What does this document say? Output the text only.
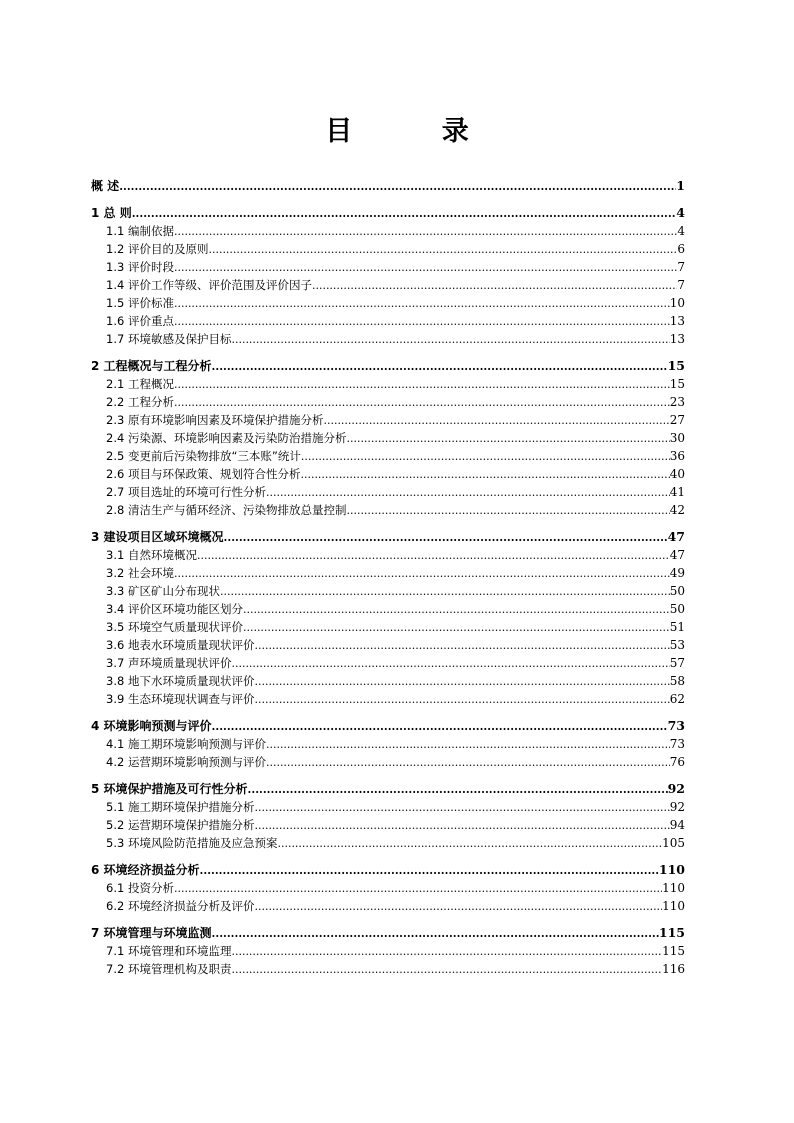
目 录
概 述 .....	1
1 总 则 .....	4
1.1 编制依据 .....	4
1.2 评价目的及原则 .....	6
1.3 评价时段 .....	7
1.4 评价工作等级、评价范围及评价因子 .....	7
1.5 评价标准 .....	10
1.6 评价重点 .....	13
1.7 环境敏感及保护目标 .....	13
2 工程概况与工程分析 .....	15
2.1 工程概况 .....	15
2.2 工程分析 .....	23
2.3 原有环境影响因素及环境保护措施分析 .....	27
2.4 污染源、环境影响因素及污染防治措施分析 .....	30
2.5 变更前后污染物排放“三本账”统计 .....	36
2.6 项目与环保政策、规划符合性分析 .....	40
2.7 项目选址的环境可行性分析 .....	41
2.8 清洁生产与循环经济、污染物排放总量控制 .....	42
3 建设项目区域环境概况 .....	47
3.1 自然环境概况 .....	47
3.2 社会环境 .....	49
3.3 矿区矿山分布现状 .....	50
3.4 评价区环境功能区划分 .....	50
3.5 环境空气质量现状评价 .....	51
3.6 地表水环境质量现状评价 .....	53
3.7 声环境质量现状评价 .....	57
3.8 地下水环境质量现状评价 .....	58
3.9 生态环境现状调查与评价 .....	62
4 环境影响预测与评价 .....	73
4.1 施工期环境影响预测与评价 .....	73
4.2 运营期环境影响预测与评价 .....	76
5 环境保护措施及可行性分析 .....	92
5.1 施工期环境保护措施分析 .....	92
5.2 运营期环境保护措施分析 .....	94
5.3 环境风险防范措施及应急预案 .....	105
6 环境经济损益分析 .....	110
6.1 投资分析 .....	110
6.2 环境经济损益分析及评价 .....	110
7 环境管理与环境监测 .....	115
7.1 环境管理和环境监理 .....	115
7.2 环境管理机构及职责 .....	116
